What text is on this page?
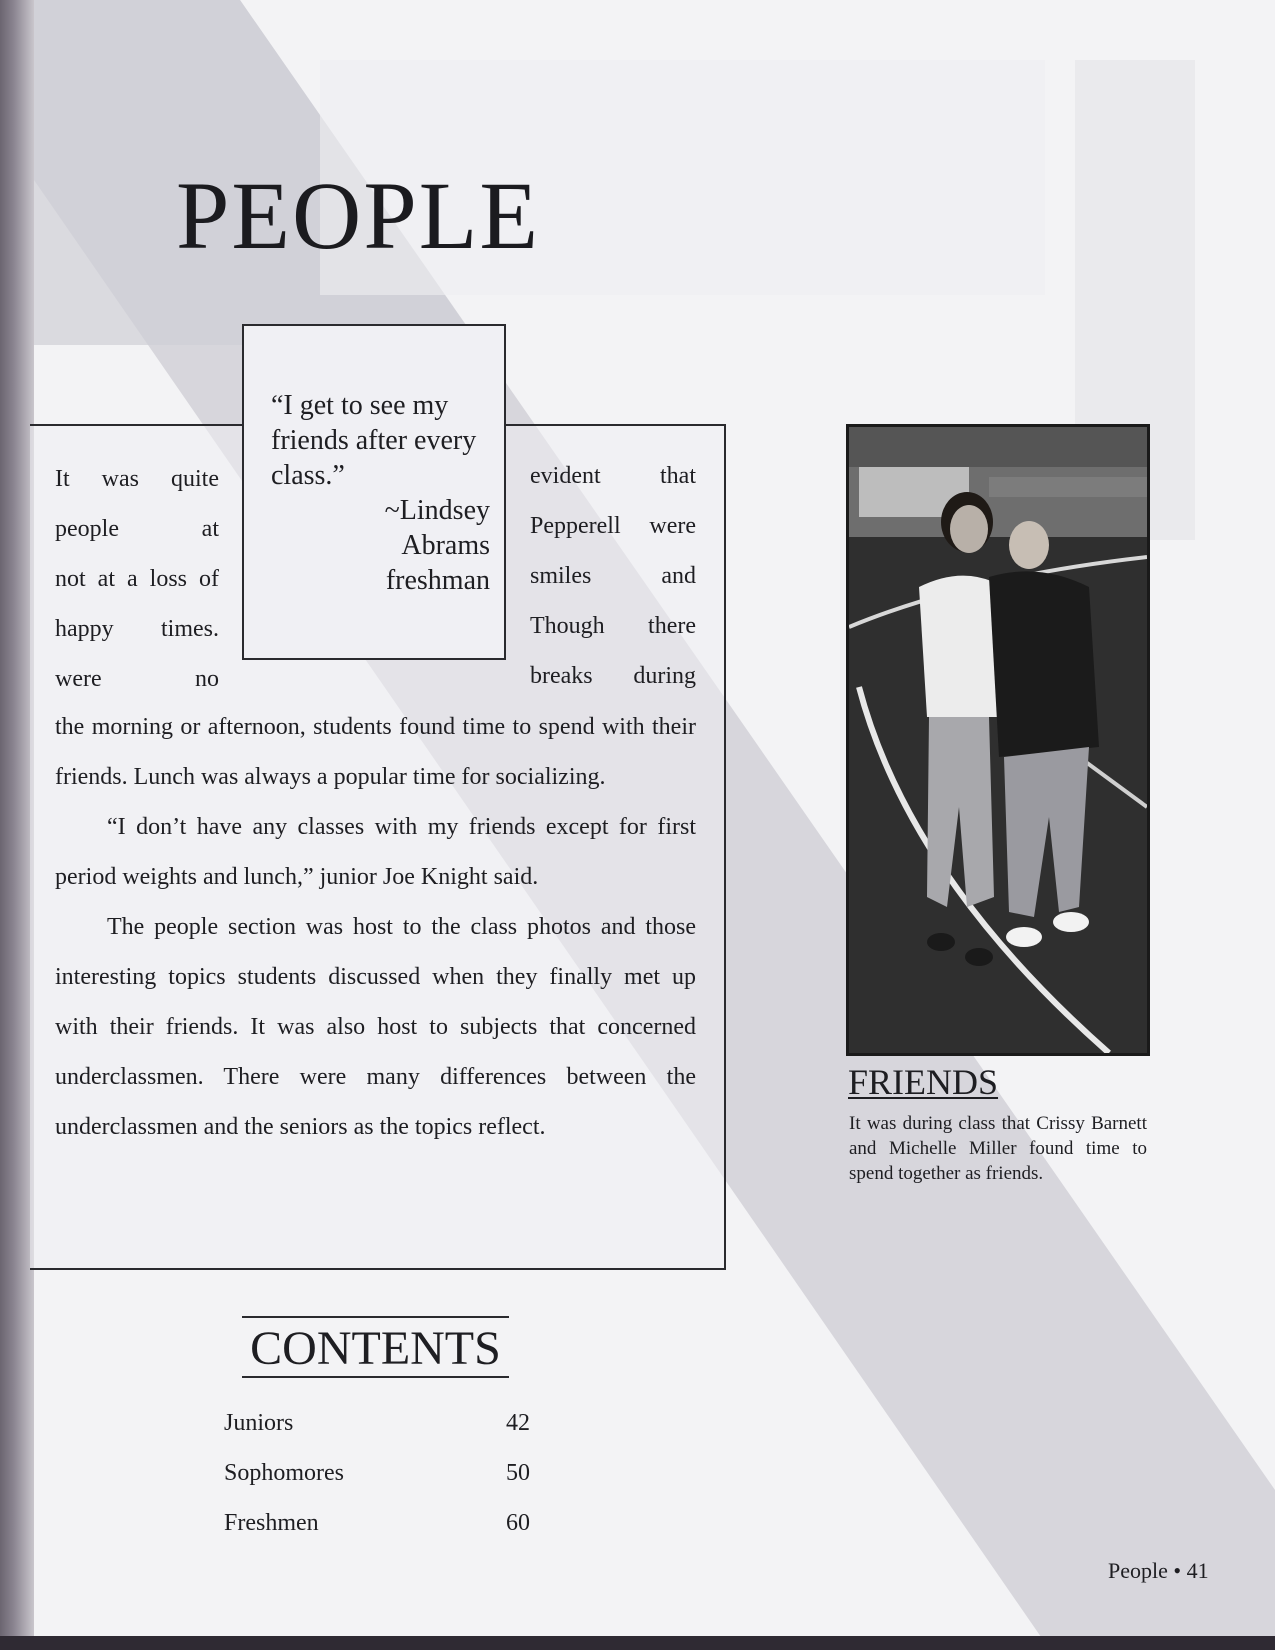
PEOPLE

“I get to see my friends after every class.”

~Lindsey

Abrams

freshman

It was quite
people at
not at a loss of
happy times.
were no
evident that
Pepperell were
smiles and
Though there
breaks during

the morning or afternoon, students found time to spend with their friends. Lunch was always a popular time for socializing.

“I don’t have any classes with my friends except for first period weights and lunch,” junior Joe Knight said.

The people section was host to the class photos and those interesting topics students discussed when they finally met up with their friends. It was also host to subjects that concerned underclassmen. There were many differences between the underclassmen and the seniors as the topics reflect.

FRIENDS

It was during class that Crissy Barnett and Michelle Miller found time to spend together as friends.

CONTENTS
Juniors	42
Sophomores	50
Freshmen	60
People • 41
